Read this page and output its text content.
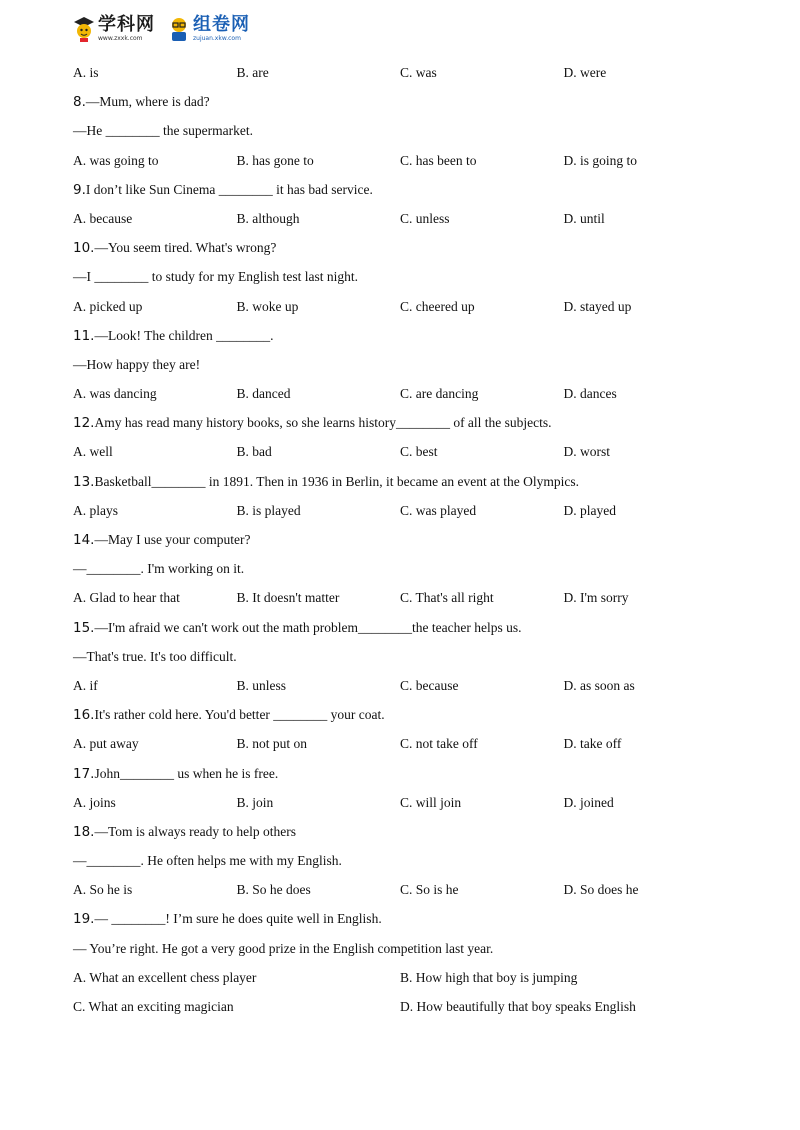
学科网
www.zxxk.com
组卷网
zujuan.xkw.com
A. is	B. are	C. was	D. were
8.—Mum, where is dad?
—He ________ the supermarket.
A. was going to	B. has gone to	C. has been to	D. is going to
9.I don’t like Sun Cinema ________ it has bad service.
A. because	B. although	C. unless	D. until
10.—You seem tired. What's wrong?
—I ________ to study for my English test last night.
A. picked up	B. woke up	C. cheered up	D. stayed up
11.—Look! The children ________.
—How happy they are!
A. was dancing	B. danced	C. are dancing	D. dances
12.Amy has read many history books, so she learns history________ of all the subjects.
A. well	B. bad	C. best	D. worst
13.Basketball________ in 1891. Then in 1936 in Berlin, it became an event at the Olympics.
A. plays	B. is played	C. was played	D. played
14.—May I use your computer?
—________. I'm working on it.
A. Glad to hear that	B. It doesn't matter	C. That's all right	D. I'm sorry
15.—I'm afraid we can't work out the math problem________the teacher helps us.
—That's true. It's too difficult.
A. if	B. unless	C. because	D. as soon as
16.It's rather cold here. You'd better ________ your coat.
A. put away	B. not put on	C. not take off	D. take off
17.John________ us when he is free.
A. joins	B. join	C. will join	D. joined
18.—Tom is always ready to help others
—________. He often helps me with my English.
A. So he is	B. So he does	C. So is he	D. So does he
19.— ________! I’m sure he does quite well in English.
— You’re right. He got a very good prize in the English competition last year.
A. What an excellent chess player	B. How high that boy is jumping
C. What an exciting magician	D. How beautifully that boy speaks English
